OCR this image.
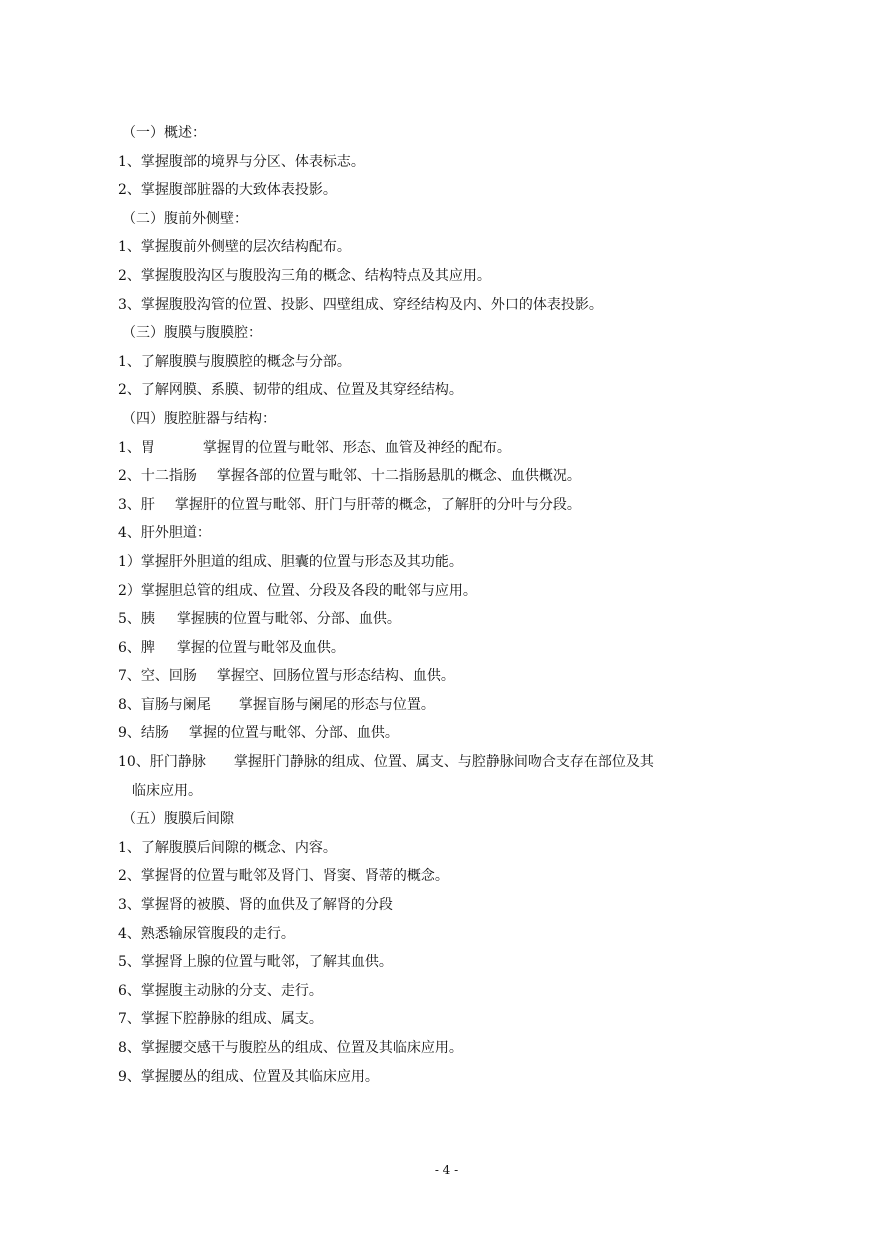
（一）概述：
1、掌握腹部的境界与分区、体表标志。
2、掌握腹部脏器的大致体表投影。
（二）腹前外侧壁：
1、掌握腹前外侧壁的层次结构配布。
2、掌握腹股沟区与腹股沟三角的概念、结构特点及其应用。
3、掌握腹股沟管的位置、投影、四壁组成、穿经结构及内、外口的体表投影。
（三）腹膜与腹膜腔：
1、了解腹膜与腹膜腔的概念与分部。
2、了解网膜、系膜、韧带的组成、位置及其穿经结构。
（四）腹腔脏器与结构：
1、胃	掌握胃的位置与毗邻、形态、血管及神经的配布。
2、十二指肠 掌握各部的位置与毗邻、十二指肠悬肌的概念、血供概况。
3、肝 掌握肝的位置与毗邻、肝门与肝蒂的概念，了解肝的分叶与分段。
4、肝外胆道：
1）掌握肝外胆道的组成、胆囊的位置与形态及其功能。
2）掌握胆总管的组成、位置、分段及各段的毗邻与应用。
5、胰 掌握胰的位置与毗邻、分部、血供。
6、脾 掌握的位置与毗邻及血供。
7、空、回肠 掌握空、回肠位置与形态结构、血供。
8、盲肠与阑尾 掌握盲肠与阑尾的形态与位置。
9、结肠 掌握的位置与毗邻、分部、血供。
10、肝门静脉 掌握肝门静脉的组成、位置、属支、与腔静脉间吻合支存在部位及其
临床应用。
（五）腹膜后间隙
1、了解腹膜后间隙的概念、内容。
2、掌握肾的位置与毗邻及肾门、肾窦、肾蒂的概念。
3、掌握肾的被膜、肾的血供及了解肾的分段
4、熟悉输尿管腹段的走行。
5、掌握肾上腺的位置与毗邻，了解其血供。
6、掌握腹主动脉的分支、走行。
7、掌握下腔静脉的组成、属支。
8、掌握腰交感干与腹腔丛的组成、位置及其临床应用。
9、掌握腰丛的组成、位置及其临床应用。
- 4 -
